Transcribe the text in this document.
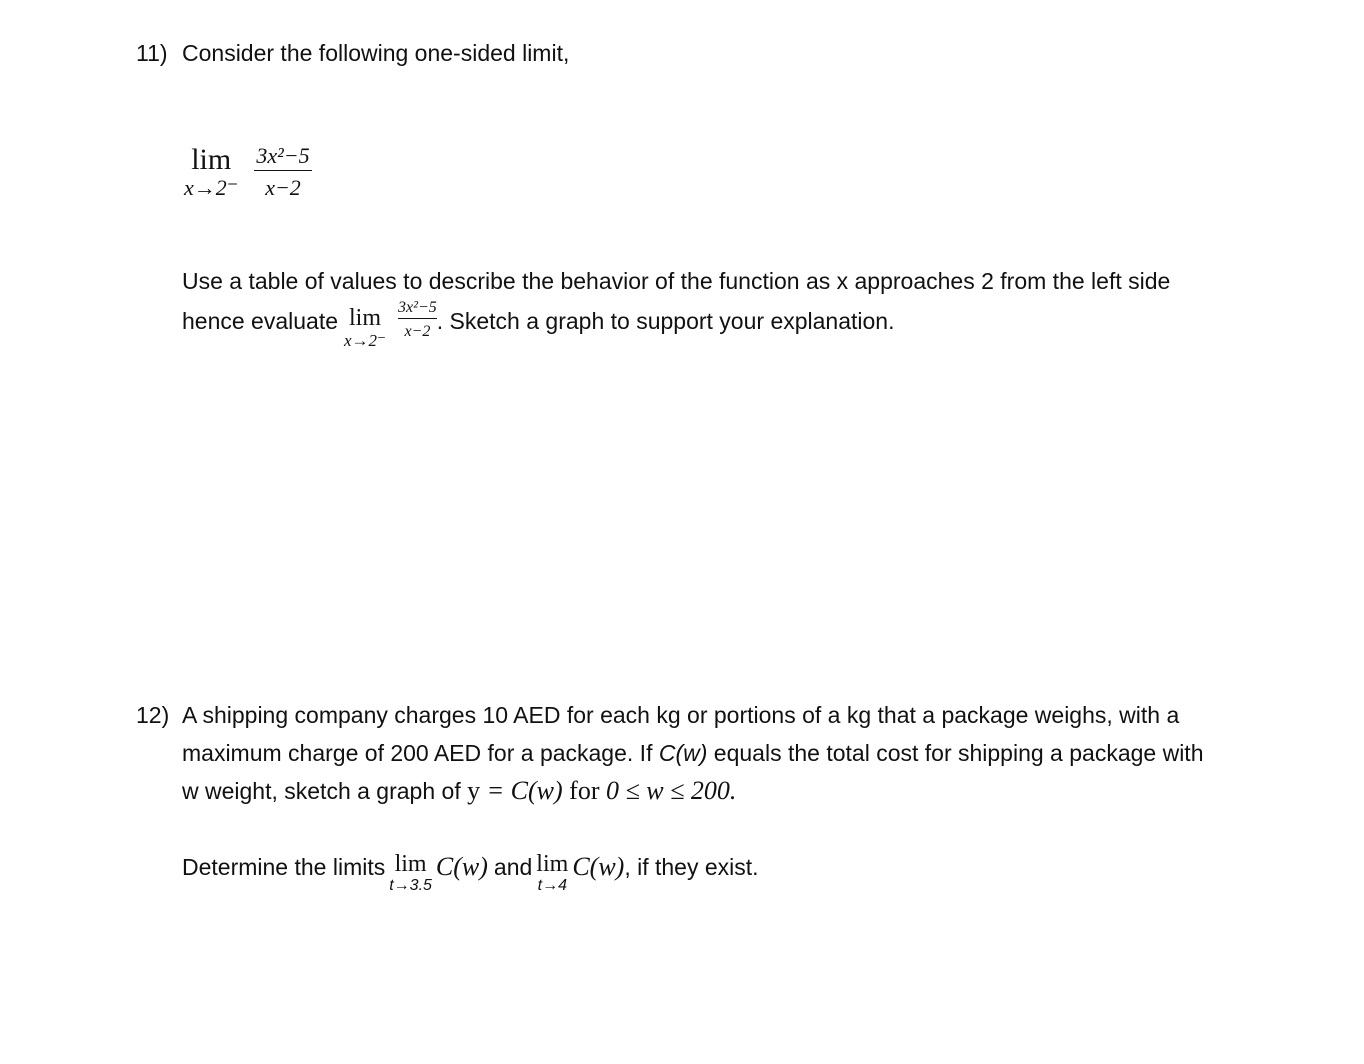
11) Consider the following one-sided limit,
lim
$x\to 2^- \frac{\text{3x²−5}}{x-2}$
Use a table of values to describe the behavior of the function as x approaches 2 from the left side
hence evaluate lim
x→2⁻
$\frac{\text{3x²−5}}{x-2}$ . Sketch a graph to support your explanation.
12) A shipping company charges 10 AED for each kg or portions of a kg that a package weighs, with a
maximum charge of 200 AED for a package. If C(w) equals the total cost for shipping a package with
w weight, sketch a graph of y = C(w) for 0 ≤ w ≤ 200.
Determine the limits lim
t→3.5
C(w) and lim
t→4
C(w) , if they exist.
